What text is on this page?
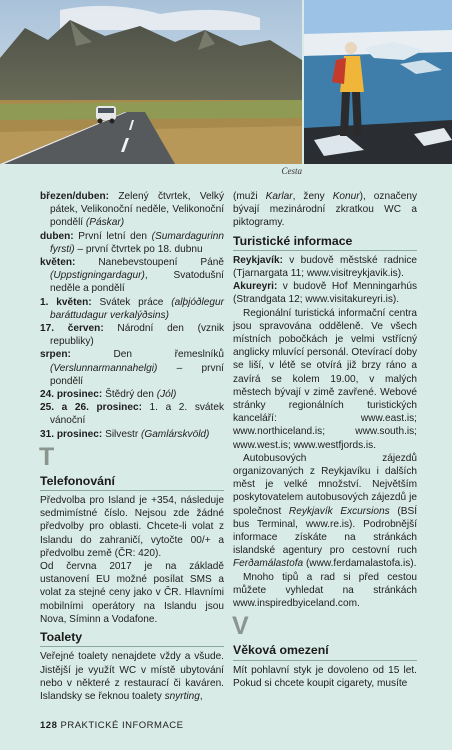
Cesta

březen/duben: Zelený čtvrtek, Velký pátek, Velikonoční neděle, Velikonoční pondělí (Páskar)

duben: První letní den (Sumardagurinn fyrsti) – první čtvrtek po 18. dubnu

květen: Nanebevstoupení Páně (Uppstigningardagur), Svatodušní neděle a pondělí

1. květen: Svátek práce (alþjóðlegur baráttudagur verkalýðsins)

17. červen: Národní den (vznik republiky)

srpen: Den řemeslníků (Verslunnarmannahelgi) – první pondělí

24. prosinec: Štědrý den (Jól)

25. a 26. prosinec: 1. a 2. svátek vánoční

31. prosinec: Silvestr (Gamlárskvöld)

T
Telefonování

Předvolba pro Island je +354, následuje sedmimístné číslo. Nejsou zde žádné předvolby pro oblasti. Chcete-li volat z Islandu do zahraničí, vytočte 00/+ a předvolbu země (ČR: 420).

Od června 2017 je na základě ustanovení EU možné posílat SMS a volat za stejné ceny jako v ČR. Hlavními mobilními operátory na Islandu jsou Nova, Síminn a Vodafone.

Toalety

Veřejné toalety nenajdete vždy a všude. Jistější je využít WC v místě ubytování nebo v některé z restaurací či kaváren. Islandsky se řeknou toalety snyrting,

(muži Karlar, ženy Konur), označeny bývají mezinárodní zkratkou WC a piktogramy.

Turistické informace

Reykjavík: v budově městské radnice (Tjarnargata 11; www.visitreykjavik.is).

Akureyri: v budově Hof Menningarhús (Strandgata 12; www.visitakureyri.is).

Regionální turistická informační centra jsou spravována odděleně. Ve všech místních pobočkách je velmi vstřícný anglicky mluvící personál. Otevírací doby se liší, v létě se otvírá již brzy ráno a zavírá se kolem 19.00, v malých městech bývají v zimě zavřené. Webové stránky regionálních turistických kanceláří: www.east.is; www.northiceland.is; www.south.is; www.west.is; www.westfjords.is.

Autobusových zájezdů organizovaných z Reykjavíku i dalších měst je velké množství. Největším poskytovatelem autobusových zájezdů je společnost Reykjavík Excursions (BSÍ bus Terminal, www.re.is). Podrobnější informace získáte na stránkách islandské agentury pro cestovní ruch Ferðamálastofa (www.ferdamalastofa.is).

Mnoho tipů a rad si před cestou můžete vyhledat na stránkách www.inspiredbyiceland.com.

V
Věková omezení

Mít pohlavní styk je dovoleno od 15 let. Pokud si chcete koupit cigarety, musíte

128 PRAKTICKÉ INFORMACE
